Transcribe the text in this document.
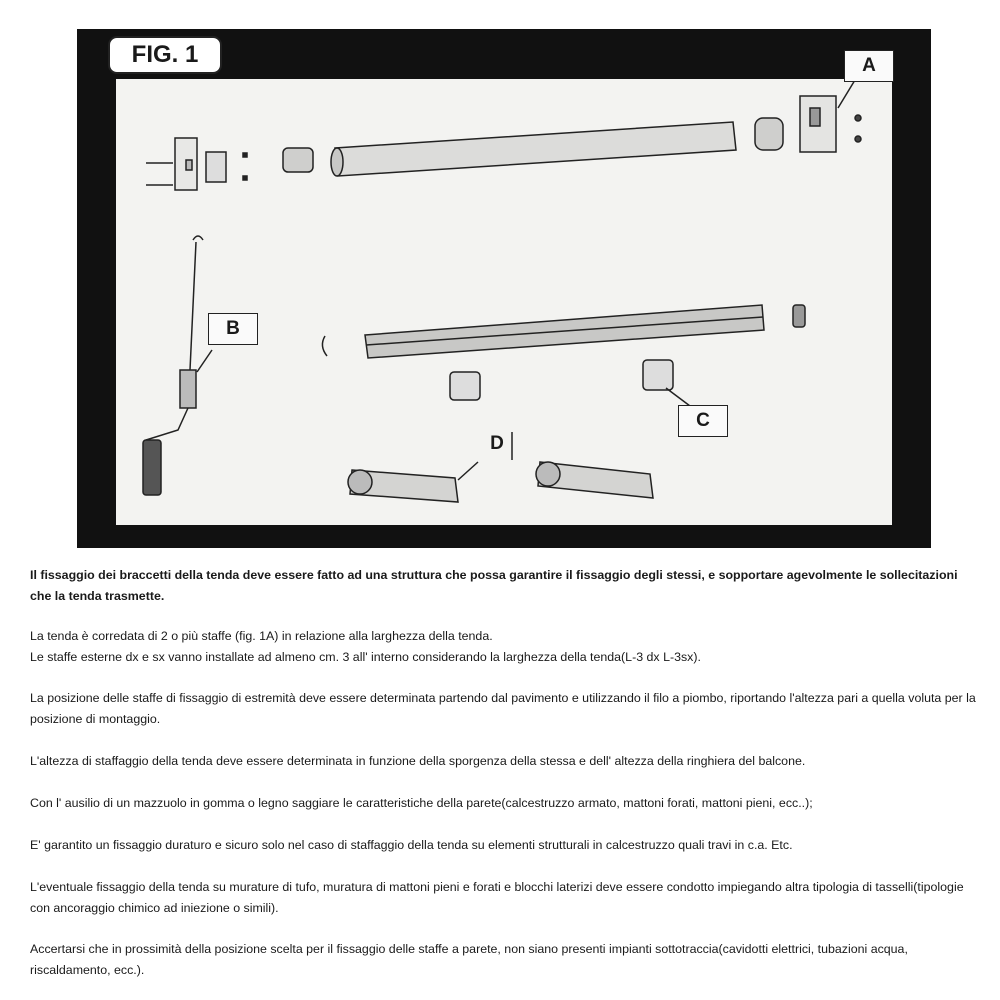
FIG. 1	A
B
C
D

Il fissaggio dei braccetti della tenda deve essere fatto ad una struttura che possa garantire il fissaggio degli stessi, e sopportare agevolmente le sollecitazioni che la tenda trasmette.

La tenda è corredata di 2 o più staffe (fig. 1A) in relazione alla larghezza della tenda.

Le staffe esterne dx e sx vanno installate ad almeno cm. 3 all' interno considerando la larghezza della tenda(L-3 dx L-3sx).

La posizione delle staffe di fissaggio di estremità deve essere determinata partendo dal pavimento e utilizzando il filo a piombo, riportando l'altezza pari a quella voluta per la posizione di montaggio.

L'altezza di staffaggio della tenda deve essere determinata in funzione della sporgenza della stessa e dell' altezza della ringhiera del balcone.

Con l' ausilio di un mazzuolo in gomma o legno saggiare le caratteristiche della parete(calcestruzzo armato, mattoni forati, mattoni pieni, ecc..);

E' garantito un fissaggio duraturo e sicuro solo nel caso di staffaggio della tenda su elementi strutturali in calcestruzzo quali travi in c.a. Etc.

L'eventuale fissaggio della tenda su murature di tufo, muratura di mattoni pieni e forati e blocchi laterizi deve essere condotto impiegando altra tipologia di tasselli(tipologie con ancoraggio chimico ad iniezione o simili).

Accertarsi che in prossimità della posizione scelta per il fissaggio delle staffe a parete, non siano presenti impianti sottotraccia(cavidotti elettrici, tubazioni acqua, riscaldamento, ecc.).
